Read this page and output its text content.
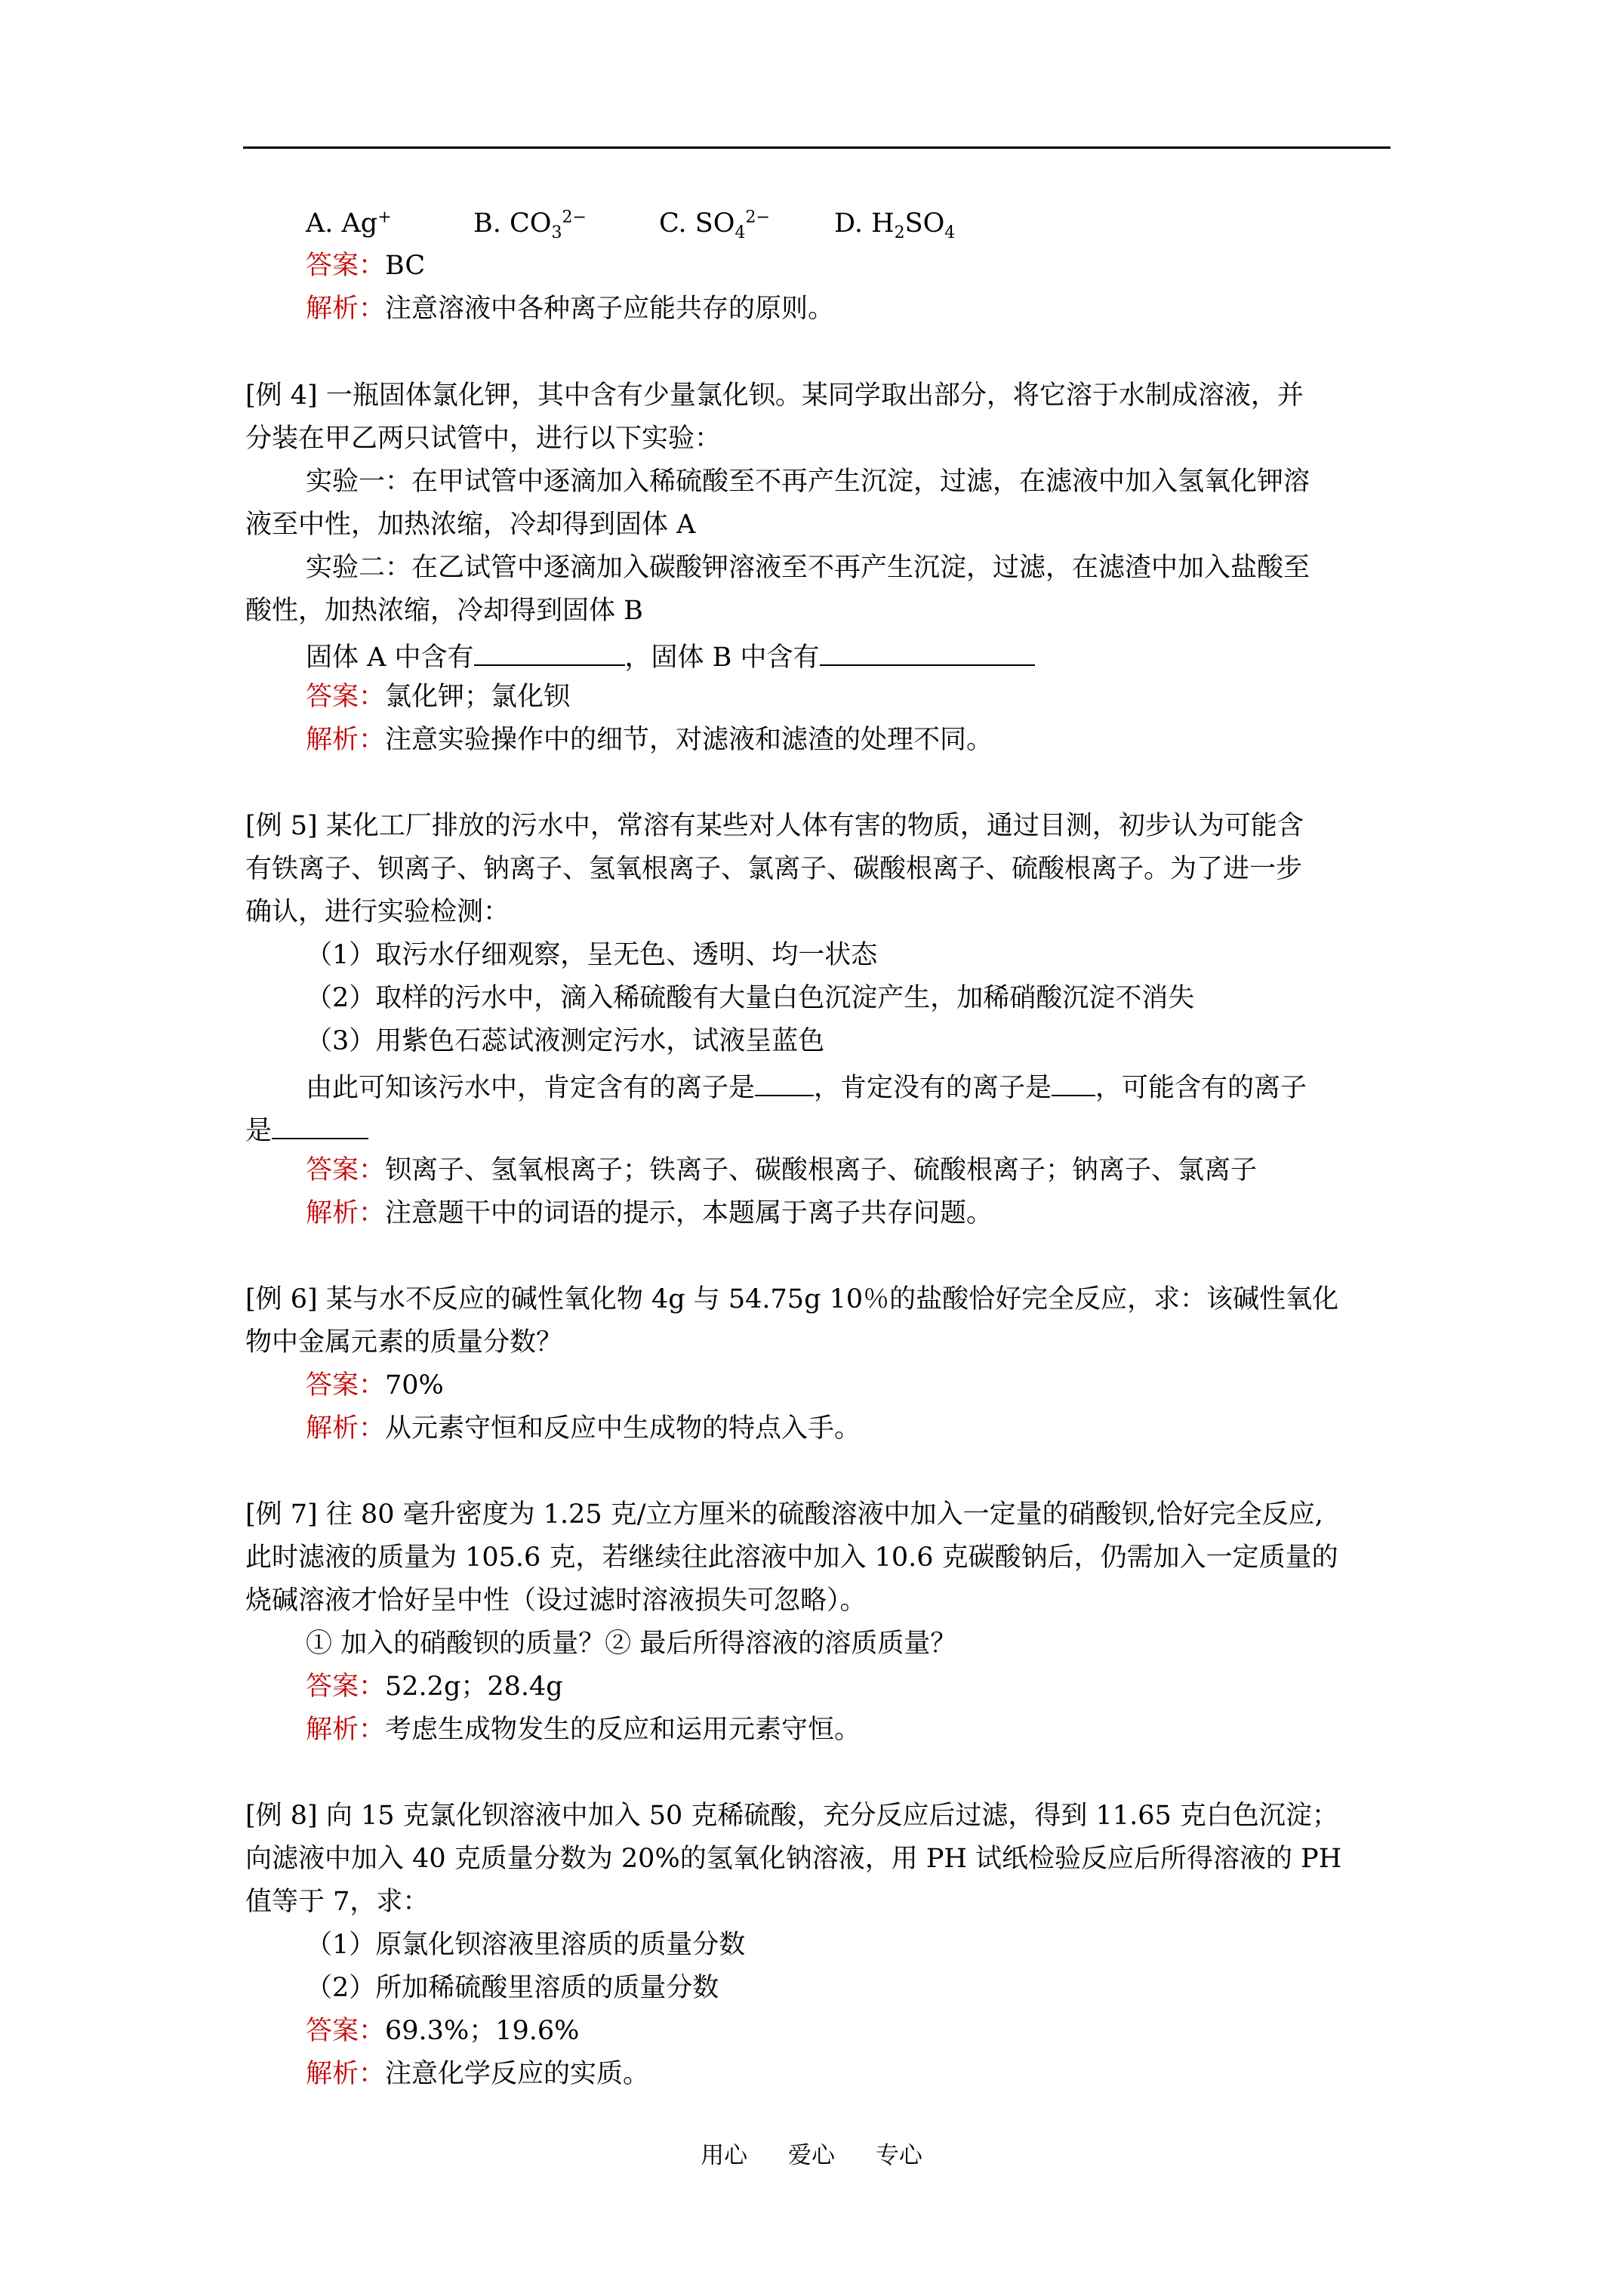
A. Ag+	B. $CO_3^{2-}$	C. $SO_4^{2-}$ D. $H_2SO_4$
答案：BC
解析：注意溶液中各种离子应能共存的原则。
[例 4] 一瓶固体氯化钾，其中含有少量氯化钡。某同学取出部分，将它溶于水制成溶液，并
分装在甲乙两只试管中，进行以下实验：
实验一：在甲试管中逐滴加入稀硫酸至不再产生沉淀，过滤，在滤液中加入氢氧化钾溶
液至中性，加热浓缩，冷却得到固体 A
实验二：在乙试管中逐滴加入碳酸钾溶液至不再产生沉淀，过滤，在滤渣中加入盐酸至
酸性，加热浓缩，冷却得到固体 B
固体 A 中含有	，固体 B 中含有
答案：氯化钾；氯化钡
解析：注意实验操作中的细节，对滤液和滤渣的处理不同。
[例 5] 某化工厂排放的污水中，常溶有某些对人体有害的物质，通过目测，初步认为可能含
有铁离子、钡离子、钠离子、氢氧根离子、氯离子、碳酸根离子、硫酸根离子。为了进一步
确认，进行实验检测：
（1）取污水仔细观察，呈无色、透明、均一状态
（2）取样的污水中，滴入稀硫酸有大量白色沉淀产生，加稀硝酸沉淀不消失
（3）用紫色石蕊试液测定污水，试液呈蓝色
由此可知该污水中，肯定含有的离子是 ，肯定没有的离子是 ，可能含有的离子
是
答案：钡离子、氢氧根离子；铁离子、碳酸根离子、硫酸根离子；钠离子、氯离子
解析：注意题干中的词语的提示，本题属于离子共存问题。
[例 6] 某与水不反应的碱性氧化物 4g 与 54.75g 10％的盐酸恰好完全反应，求：该碱性氧化
物中金属元素的质量分数？
答案：70%
解析：从元素守恒和反应中生成物的特点入手。
[例 7] 往 80 毫升密度为 1.25 克/立方厘米的硫酸溶液中加入一定量的硝酸钡,恰好完全反应,
此时滤液的质量为 105.6 克，若继续往此溶液中加入 10.6 克碳酸钠后，仍需加入一定质量的
烧碱溶液才恰好呈中性（设过滤时溶液损失可忽略）。
① 加入的硝酸钡的质量？② 最后所得溶液的溶质质量？
答案：52.2g；28.4g
解析：考虑生成物发生的反应和运用元素守恒。
[例 8] 向 15 克氯化钡溶液中加入 50 克稀硫酸，充分反应后过滤，得到 11.65 克白色沉淀；
向滤液中加入 40 克质量分数为 20%的氢氧化钠溶液，用 PH 试纸检验反应后所得溶液的 PH
值等于 7，求：
（1）原氯化钡溶液里溶质的质量分数
（2）所加稀硫酸里溶质的质量分数
答案：69.3%；19.6%
解析：注意化学反应的实质。
用心 爱心 专心
